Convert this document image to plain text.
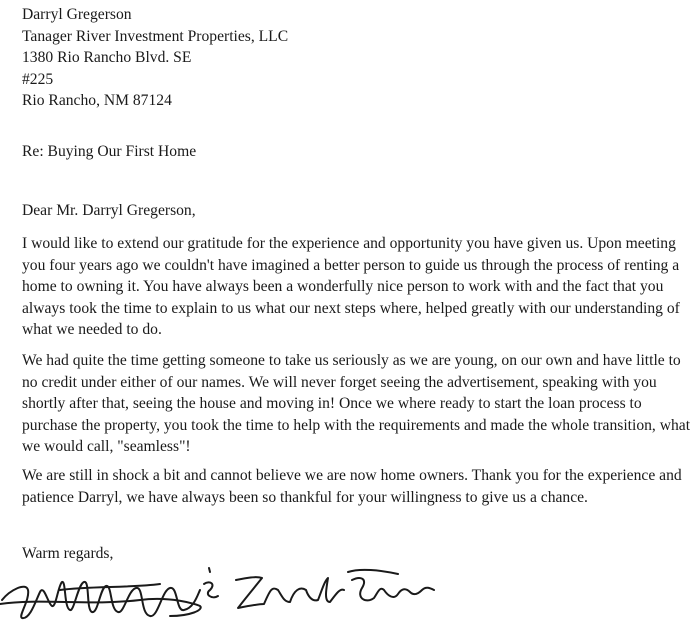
Darryl Gregerson
Tanager River Investment Properties, LLC
1380 Rio Rancho Blvd. SE
#225
Rio Rancho, NM 87124
Re: Buying Our First Home
Dear Mr. Darryl Gregerson,
I would like to extend our gratitude for the experience and opportunity you have given us. Upon meeting you four years ago we couldn't have imagined a better person to guide us through the process of renting a home to owning it. You have always been a wonderfully nice person to work with and the fact that you always took the time to explain to us what our next steps where, helped greatly with our understanding of what we needed to do.
We had quite the time getting someone to take us seriously as we are young, on our own and have little to no credit under either of our names. We will never forget seeing the advertisement, speaking with you shortly after that, seeing the house and moving in! Once we where ready to start the loan process to purchase the property, you took the time to help with the requirements and made the whole transition, what we would call, "seamless"!
We are still in shock a bit and cannot believe we are now home owners. Thank you for the experience and patience Darryl, we have always been so thankful for your willingness to give us a chance.
Warm regards,
